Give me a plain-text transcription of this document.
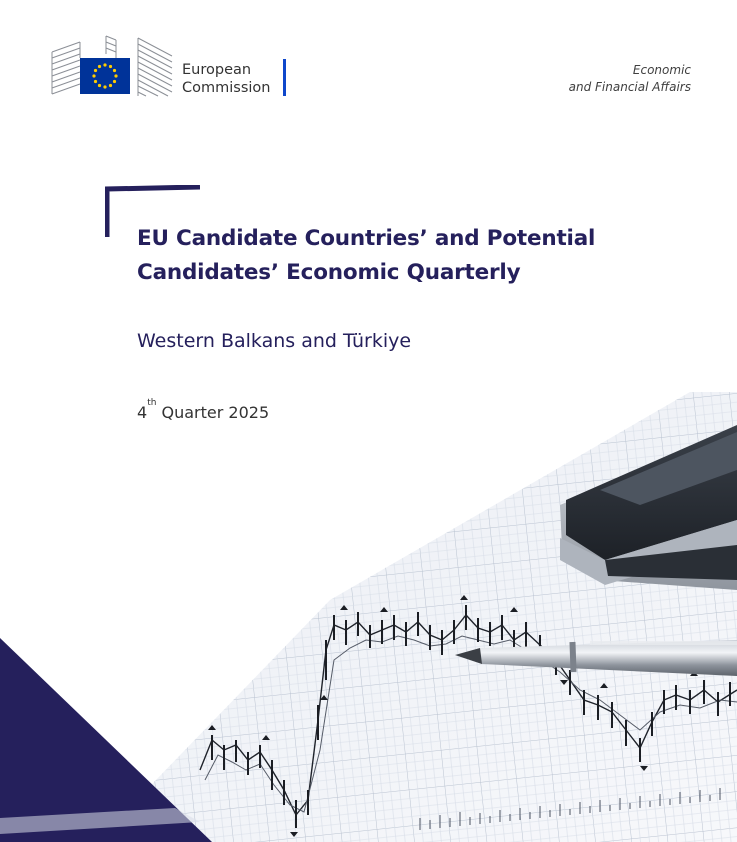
European
Commission
Economic
and Financial Affairs
EU Candidate Countries’ and Potential Candidates’ Economic Quarterly
Western Balkans and Türkiye
4th Quarter 2025
